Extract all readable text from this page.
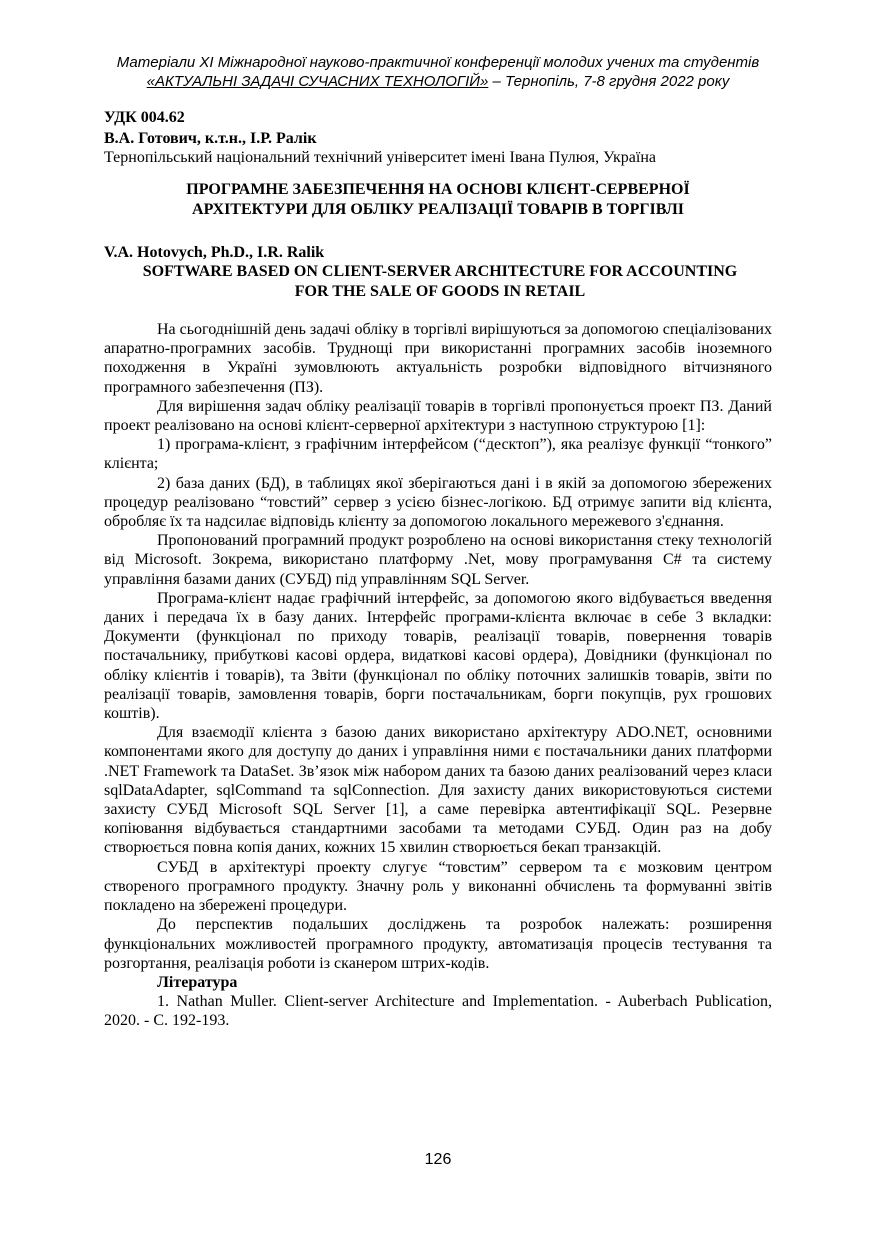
Матеріали XI Міжнародної науково-практичної конференції молодих учених та студентів
«АКТУАЛЬНІ ЗАДАЧІ СУЧАСНИХ ТЕХНОЛОГІЙ» – Тернопіль, 7-8 грудня 2022 року
УДК 004.62
В.А. Готович, к.т.н., І.Р. Ралік
Тернопільський національний технічний університет імені Івана Пулюя, Україна
ПРОГРАМНЕ ЗАБЕЗПЕЧЕННЯ НА ОСНОВІ КЛІЄНТ-СЕРВЕРНОЇ
АРХІТЕКТУРИ ДЛЯ ОБЛІКУ РЕАЛІЗАЦІЇ ТОВАРІВ В ТОРГІВЛІ
V.A. Hotovych, Ph.D., I.R. Ralik
SOFTWARE BASED ON CLIENT-SERVER ARCHITECTURE FOR ACCOUNTING
FOR THE SALE OF GOODS IN RETAIL

На сьогоднішній день задачі обліку в торгівлі вирішуються за допомогою спеціалізованих апаратно-програмних засобів. Труднощі при використанні програмних засобів іноземного походження в Україні зумовлюють актуальність розробки відповідного вітчизняного програмного забезпечення (ПЗ).

Для вирішення задач обліку реалізації товарів в торгівлі пропонується проект ПЗ. Даний проект реалізовано на основі клієнт-серверної архітектури з наступною структурою [1]:

1) програма-клієнт, з графічним інтерфейсом (“десктоп”), яка реалізує функції “тонкого” клієнта;

2) база даних (БД), в таблицях якої зберігаються дані і в якій за допомогою збережених процедур реалізовано “товстий” сервер з усією бізнес-логікою. БД отримує запити від клієнта, обробляє їх та надсилає відповідь клієнту за допомогою локального мережевого з'єднання.

Пропонований програмний продукт розроблено на основі використання стеку технологій від Microsoft. Зокрема, використано платформу .Net, мову програмування C# та систему управління базами даних (СУБД) під управлінням SQL Server.

Програма-клієнт надає графічний інтерфейс, за допомогою якого відбувається введення даних і передача їх в базу даних. Інтерфейс програми-клієнта включає в себе 3 вкладки: Документи (функціонал по приходу товарів, реалізації товарів, повернення товарів постачальнику, прибуткові касові ордера, видаткові касові ордера), Довідники (функціонал по обліку клієнтів і товарів), та Звіти (функціонал по обліку поточних залишків товарів, звіти по реалізації товарів, замовлення товарів, борги постачальникам, борги покупців, рух грошових коштів).

Для взаємодії клієнта з базою даних використано архітектуру ADO.NET, основними компонентами якого для доступу до даних і управління ними є постачальники даних платформи .NET Framework та DataSet. Зв’язок між набором даних та базою даних реалізований через класи sqlDataAdapter, sqlCommand та sqlConnection. Для захисту даних використовуються системи захисту СУБД Microsoft SQL Server [1], а саме перевірка автентифікації SQL. Резервне копіювання відбувається стандартними засобами та методами СУБД. Один раз на добу створюється повна копія даних, кожних 15 хвилин створюється бекап транзакцій.

СУБД в архітектурі проекту слугує “товстим” сервером та є мозковим центром створеного програмного продукту. Значну роль у виконанні обчислень та формуванні звітів покладено на збережені процедури.

До перспектив подальших досліджень та розробок належать: розширення функціональних можливостей програмного продукту, автоматизація процесів тестування та розгортання, реалізація роботи із сканером штрих-кодів.

Література

1. Nathan Muller. Client-server Architecture and Implementation. - Auberbach Publication, 2020. - С. 192-193.

126
